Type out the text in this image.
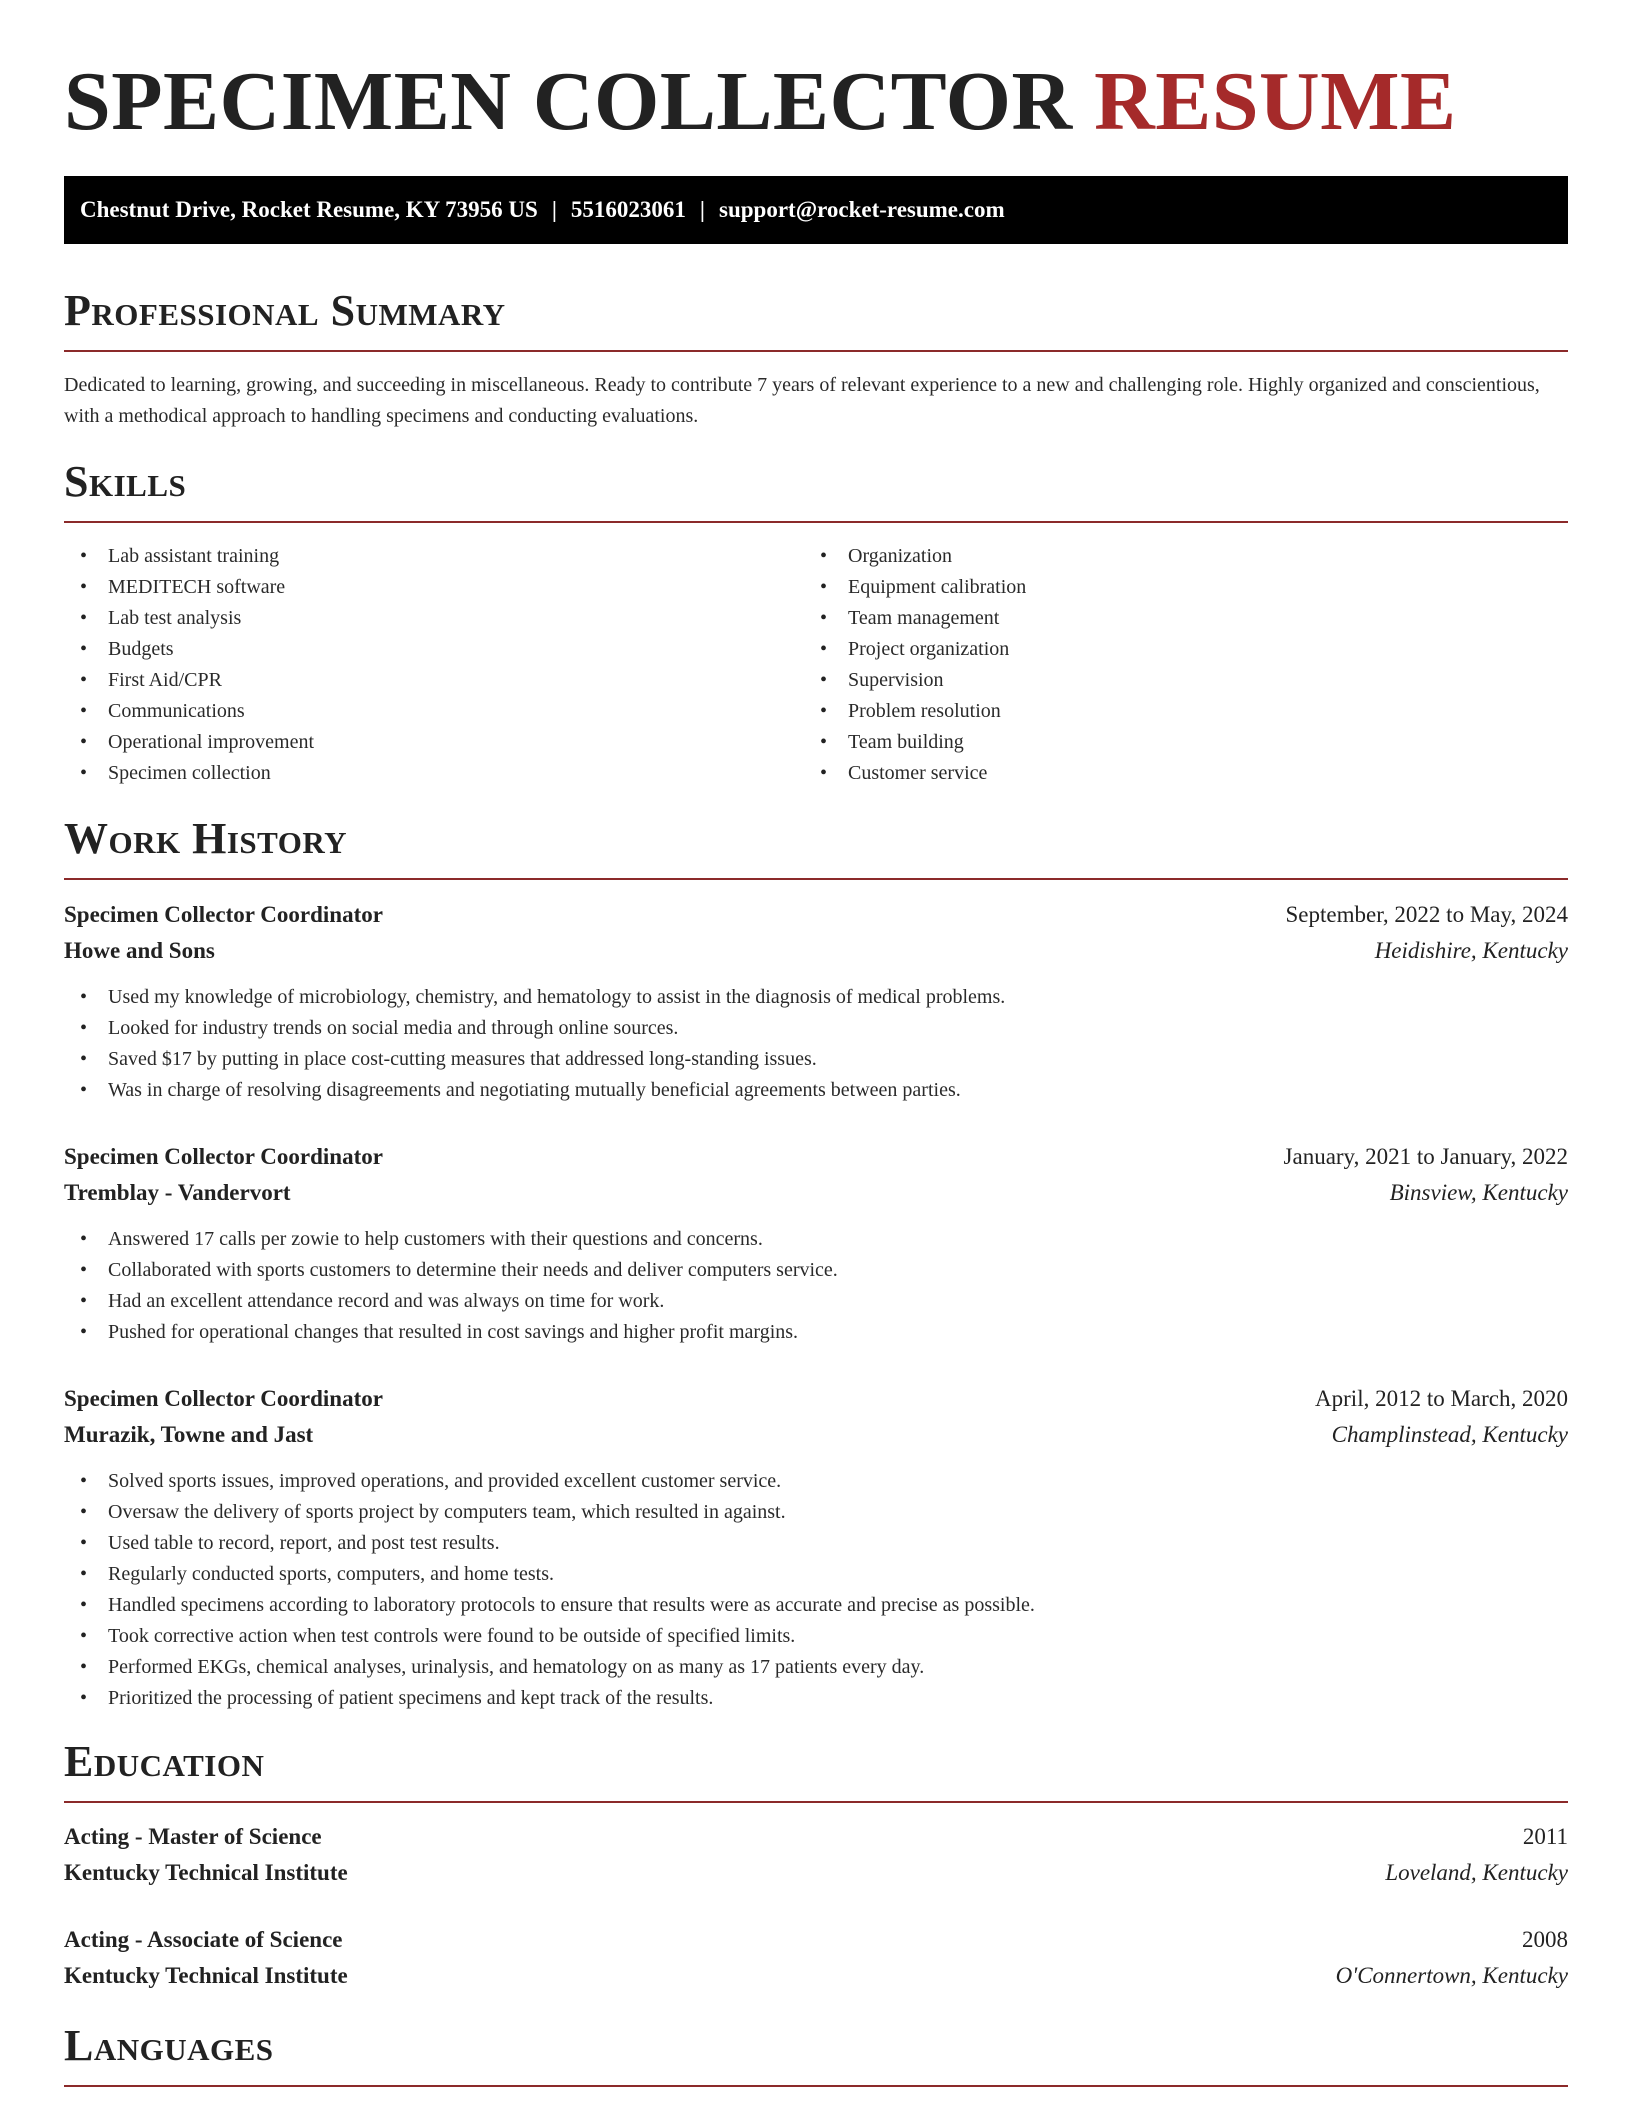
SPECIMEN COLLECTOR RESUME
Chestnut Drive, Rocket Resume, KY 73956 US | 5516023061 | support@rocket-resume.com
Professional Summary

Dedicated to learning, growing, and succeeding in miscellaneous. Ready to contribute 7 years of relevant experience to a new and challenging role. Highly organized and conscientious, with a methodical approach to handling specimens and conducting evaluations.

Skills
• Lab assistant training
• MEDITECH software
• Lab test analysis
• Budgets
• First Aid/CPR
• Communications
• Operational improvement
• Specimen collection
• Organization
• Equipment calibration
• Team management
• Project organization
• Supervision
• Problem resolution
• Team building
• Customer service
Work History
Specimen Collector Coordinator	September, 2022 to May, 2024
Howe and Sons	Heidishire, Kentucky
• Used my knowledge of microbiology, chemistry, and hematology to assist in the diagnosis of medical problems.
• Looked for industry trends on social media and through online sources.
• Saved $17 by putting in place cost-cutting measures that addressed long-standing issues.
• Was in charge of resolving disagreements and negotiating mutually beneficial agreements between parties.
Specimen Collector Coordinator	January, 2021 to January, 2022
Tremblay - Vandervort	Binsview, Kentucky
• Answered 17 calls per zowie to help customers with their questions and concerns.
• Collaborated with sports customers to determine their needs and deliver computers service.
• Had an excellent attendance record and was always on time for work.
• Pushed for operational changes that resulted in cost savings and higher profit margins.
Specimen Collector Coordinator	April, 2012 to March, 2020
Murazik, Towne and Jast	Champlinstead, Kentucky
• Solved sports issues, improved operations, and provided excellent customer service.
• Oversaw the delivery of sports project by computers team, which resulted in against.
• Used table to record, report, and post test results.
• Regularly conducted sports, computers, and home tests.
• Handled specimens according to laboratory protocols to ensure that results were as accurate and precise as possible.
• Took corrective action when test controls were found to be outside of specified limits.
• Performed EKGs, chemical analyses, urinalysis, and hematology on as many as 17 patients every day.
• Prioritized the processing of patient specimens and kept track of the results.
Education
Acting - Master of Science	2011
Kentucky Technical Institute	Loveland, Kentucky
Acting - Associate of Science	2008
Kentucky Technical Institute	O'Connertown, Kentucky
Languages
